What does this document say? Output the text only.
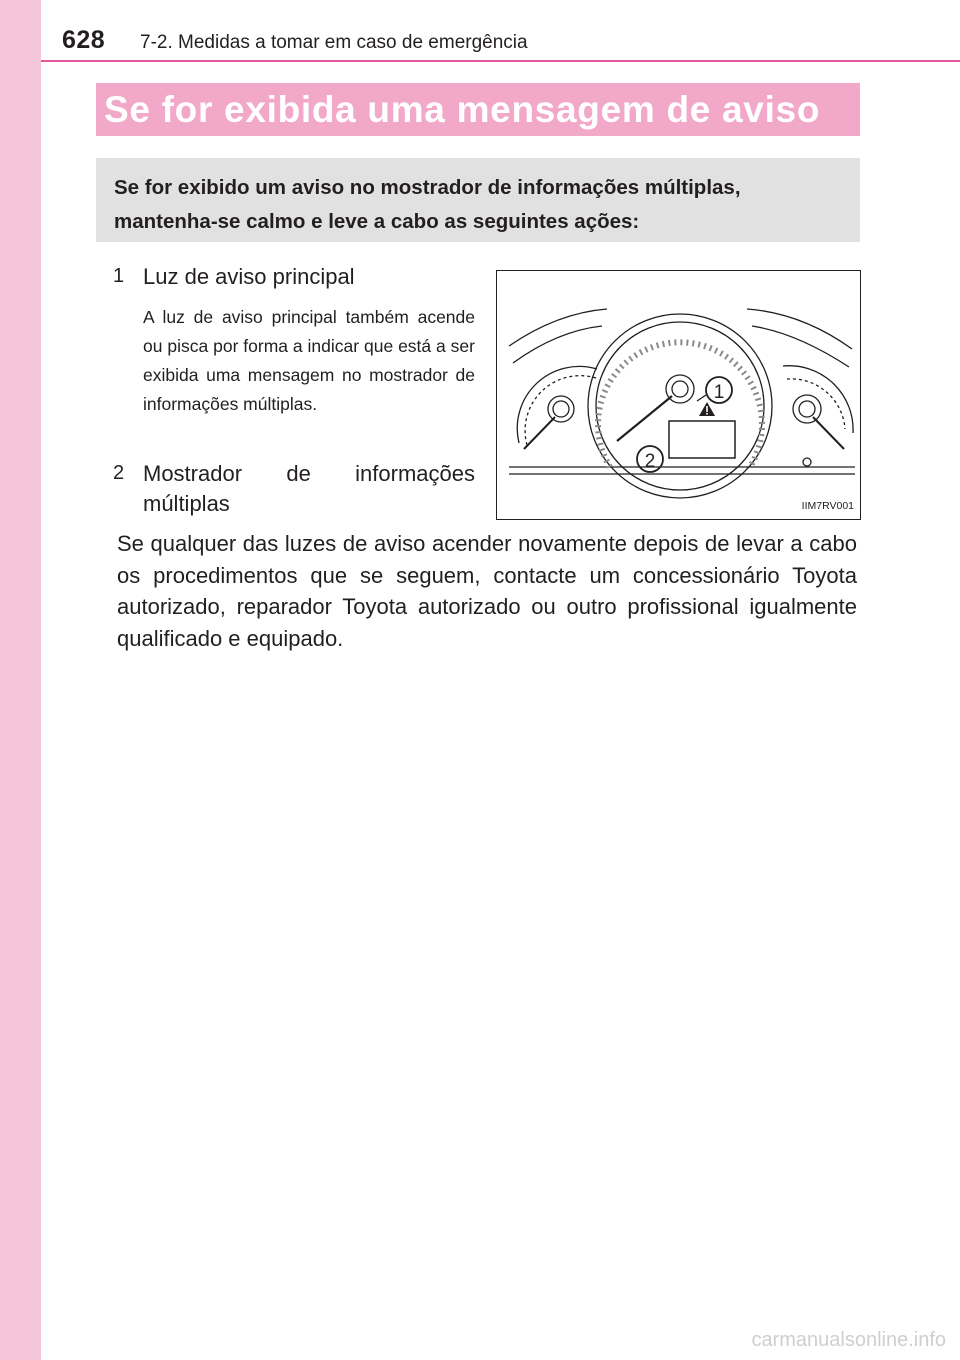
628 7-2. Medidas a tomar em caso de emergência
Se for exibida uma mensagem de aviso
Se for exibido um aviso no mostrador de informações múltiplas,
mantenha-se calmo e leve a cabo as seguintes ações:
1 Luz de aviso principal
A luz de aviso principal também acende ou pisca por forma a indicar que está a ser exibida uma mensagem no mostrador de informações múltiplas.
2 Mostrador de informações múltiplas
1
2
IIM7RV001
Se qualquer das luzes de aviso acender novamente depois de levar a cabo os procedimentos que se seguem, contacte um concessionário Toyota autorizado, reparador Toyota autorizado ou outro profissional igualmente qualificado e equipado.
carmanualsonline.info
